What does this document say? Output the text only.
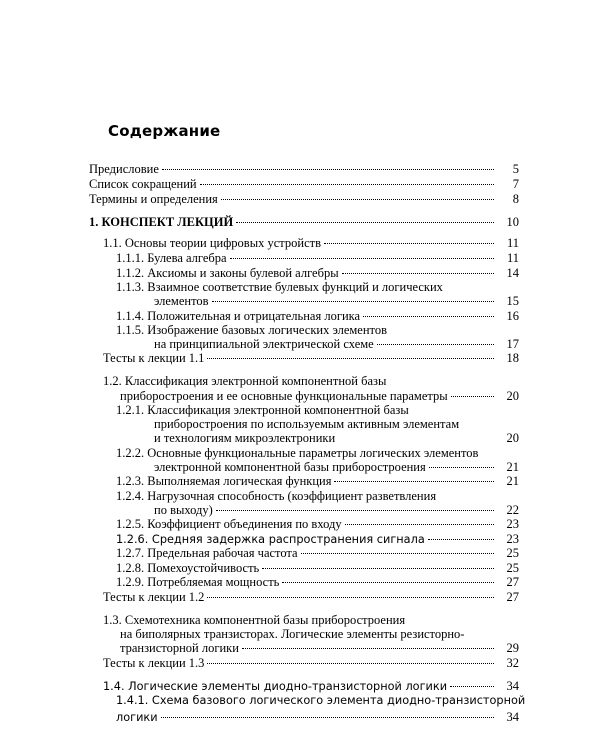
Содержание
Предисловие	5
Список сокращений	7
Термины и определения	8
1. КОНСПЕКТ ЛЕКЦИЙ	10
1.1. Основы теории цифровых устройств	11
1.1.1. Булева алгебра	11
1.1.2. Аксиомы и законы булевой алгебры	14
1.1.3. Взаимное соответствие булевых функций и логических
элементов	15
1.1.4. Положительная и отрицательная логика	16
1.1.5. Изображение базовых логических элементов
на принципиальной электрической схеме	17
Тесты к лекции 1.1	18
1.2. Классификация электронной компонентной базы
приборостроения и ее основные функциональные параметры	20
1.2.1. Классификация электронной компонентной базы
приборостроения по используемым активным элементам
и технологиям микроэлектроники	20
1.2.2. Основные функциональные параметры логических элементов
электронной компонентной базы приборостроения	21
1.2.3. Выполняемая логическая функция	21
1.2.4. Нагрузочная способность (коэффициент разветвления
по выходу)	22
1.2.5. Коэффициент объединения по входу	23
1.2.6. Средняя задержка распространения сигнала	23
1.2.7. Предельная рабочая частота	25
1.2.8. Помехоустойчивость	25
1.2.9. Потребляемая мощность	27
Тесты к лекции 1.2	27
1.3. Схемотехника компонентной базы приборостроения
на биполярных транзисторах. Логические элементы резисторно-
транзисторной логики	29
Тесты к лекции 1.3	32
1.4. Логические элементы диодно-транзисторной логики	34
1.4.1. Схема базового логического элемента диодно-транзисторной
логики	34
